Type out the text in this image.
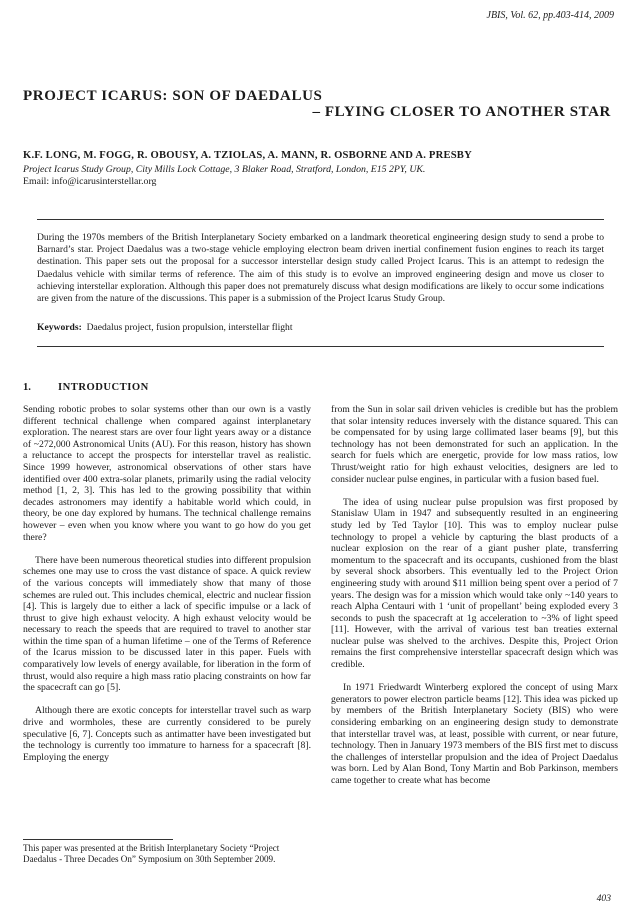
JBIS, Vol. 62, pp.403-414, 2009
PROJECT ICARUS: SON OF DAEDALUS
– FLYING CLOSER TO ANOTHER STAR
K.F. LONG, M. FOGG, R. OBOUSY, A. TZIOLAS, A. MANN, R. OSBORNE AND A. PRESBY
Project Icarus Study Group, City Mills Lock Cottage, 3 Blaker Road, Stratford, London, E15 2PY, UK.
Email: info@icarusinterstellar.org
During the 1970s members of the British Interplanetary Society embarked on a landmark theoretical engineering design study to send a probe to Barnard’s star. Project Daedalus was a two-stage vehicle employing electron beam driven inertial confinement fusion engines to reach its target destination. This paper sets out the proposal for a successor interstellar design study called Project Icarus. This is an attempt to redesign the Daedalus vehicle with similar terms of reference. The aim of this study is to evolve an improved engineering design and move us closer to achieving interstellar exploration. Although this paper does not prematurely discuss what design modifications are likely to occur some indications are given from the nature of the discussions. This paper is a submission of the Project Icarus Study Group.
Keywords: Daedalus project, fusion propulsion, interstellar flight
1.	INTRODUCTION

Sending robotic probes to solar systems other than our own is a vastly different technical challenge when compared against interplanetary exploration. The nearest stars are over four light years away or a distance of ~272,000 Astronomical Units (AU). For this reason, history has shown a reluctance to accept the prospects for interstellar travel as realistic. Since 1999 however, astronomical observations of other stars have identified over 400 extra-solar planets, primarily using the radial velocity method [1, 2, 3]. This has led to the growing possibility that within decades astronomers may identify a habitable world which could, in theory, be one day explored by humans. The technical challenge remains however – even when you know where you want to go how do you get there?

There have been numerous theoretical studies into different propulsion schemes one may use to cross the vast distance of space. A quick review of the various concepts will immediately show that many of those schemes are ruled out. This includes chemical, electric and nuclear fission [4]. This is largely due to either a lack of specific impulse or a lack of thrust to give high exhaust velocity. A high exhaust velocity would be necessary to reach the speeds that are required to travel to another star within the time span of a human lifetime – one of the Terms of Reference of the Icarus mission to be discussed later in this paper. Fuels with comparatively low levels of energy available, for liberation in the form of thrust, would also require a high mass ratio placing constraints on how far the spacecraft can go [5].

Although there are exotic concepts for interstellar travel such as warp drive and wormholes, these are currently considered to be purely speculative [6, 7]. Concepts such as antimatter have been investigated but the technology is currently too immature to harness for a spacecraft [8]. Employing the energy

from the Sun in solar sail driven vehicles is credible but has the problem that solar intensity reduces inversely with the distance squared. This can be compensated for by using large collimated laser beams [9], but this technology has not been demonstrated for such an application. In the search for fuels which are energetic, provide for low mass ratios, low Thrust/weight ratio for high exhaust velocities, designers are led to consider nuclear pulse engines, in particular with a fusion based fuel.

The idea of using nuclear pulse propulsion was first proposed by Stanislaw Ulam in 1947 and subsequently resulted in an engineering study led by Ted Taylor [10]. This was to employ nuclear pulse technology to propel a vehicle by capturing the blast products of a nuclear explosion on the rear of a giant pusher plate, transferring momentum to the spacecraft and its occupants, cushioned from the blast by several shock absorbers. This eventually led to the Project Orion engineering study with around $11 million being spent over a period of 7 years. The design was for a mission which would take only ~140 years to reach Alpha Centauri with 1 ‘unit of propellant’ being exploded every 3 seconds to push the spacecraft at 1g acceleration to ~3% of light speed [11]. However, with the arrival of various test ban treaties external nuclear pulse was shelved to the archives. Despite this, Project Orion remains the first comprehensive interstellar spacecraft design which was credible.

In 1971 Friedwardt Winterberg explored the concept of using Marx generators to power electron particle beams [12]. This idea was picked up by members of the British Interplanetary Society (BIS) who were considering embarking on an engineering design study to demonstrate that interstellar travel was, at least, possible with current, or near future, technology. Then in January 1973 members of the BIS first met to discuss the challenges of interstellar propulsion and the idea of Project Daedalus was born. Led by Alan Bond, Tony Martin and Bob Parkinson, members came together to create what has become

This paper was presented at the British Interplanetary Society “Project Daedalus - Three Decades On” Symposium on 30th September 2009.
403
